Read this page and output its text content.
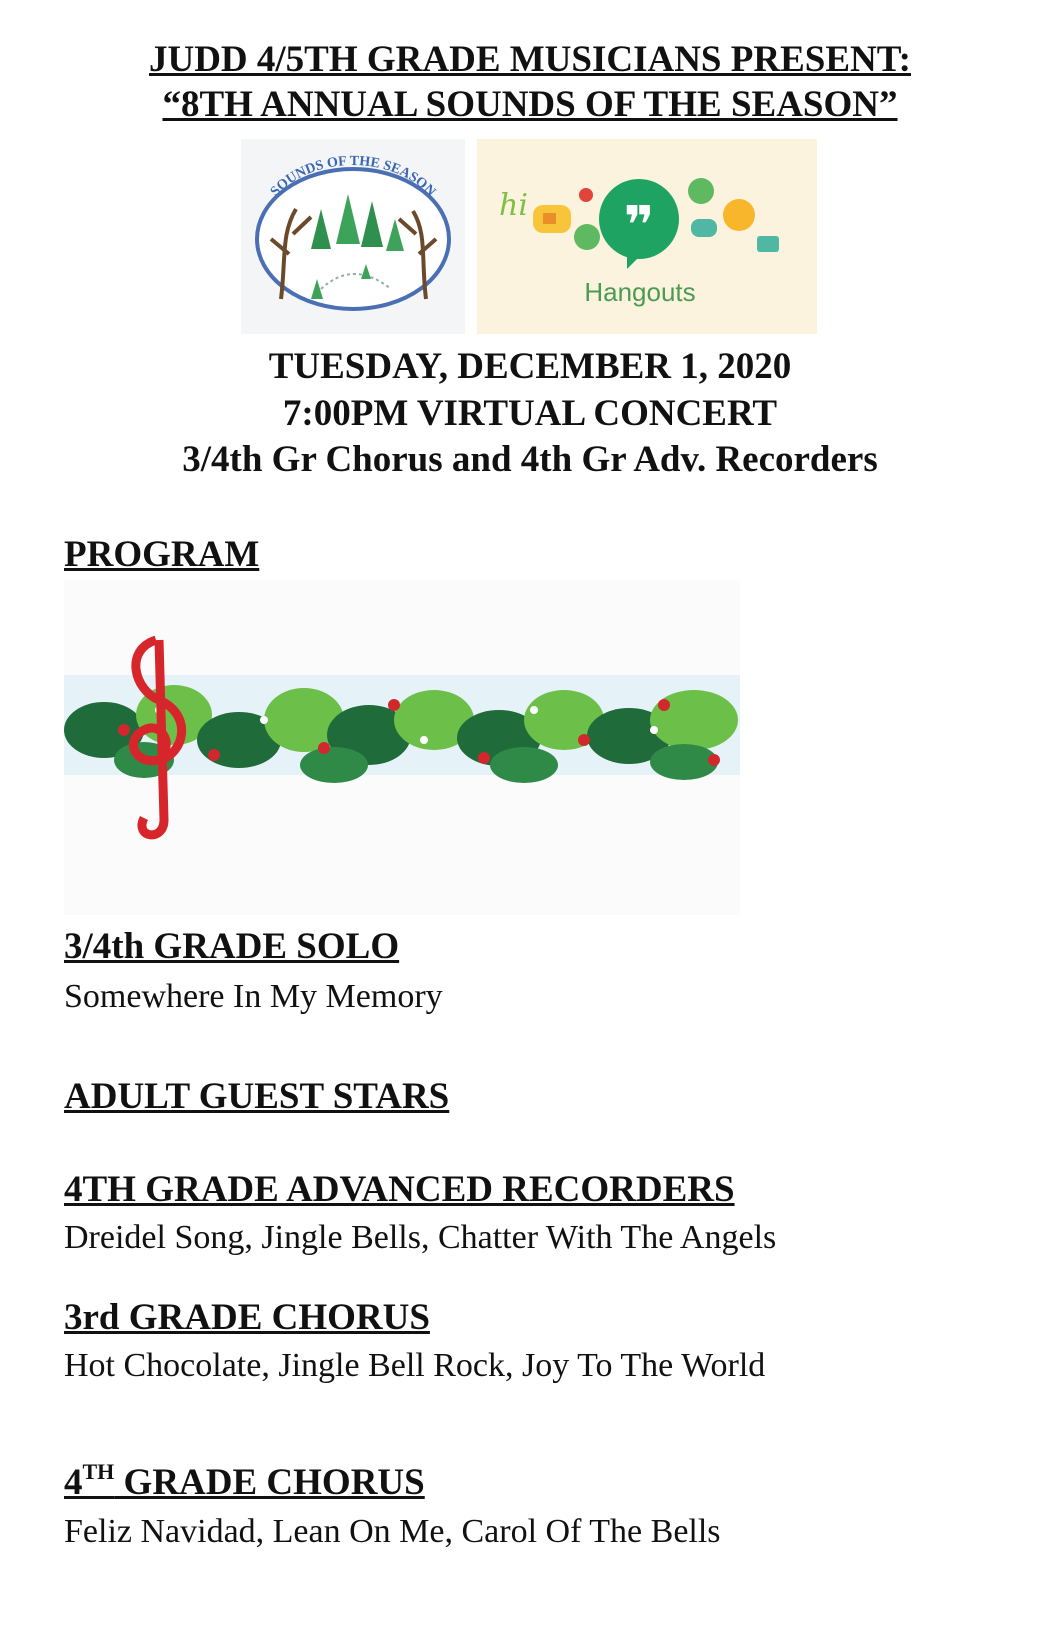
JUDD 4/5TH GRADE MUSICIANS PRESENT:
“8TH ANNUAL SOUNDS OF THE SEASON”
SOUNDS OF THE SEASON hi ❞
Hangouts
TUESDAY, DECEMBER 1, 2020
7:00PM VIRTUAL CONCERT
3/4th Gr Chorus and 4th Gr Adv. Recorders
PROGRAM
3/4th GRADE SOLO
Somewhere In My Memory
ADULT GUEST STARS
4TH GRADE ADVANCED RECORDERS
Dreidel Song, Jingle Bells, Chatter With The Angels
3rd GRADE CHORUS
Hot Chocolate, Jingle Bell Rock, Joy To The World
4TH GRADE CHORUS
Feliz Navidad, Lean On Me, Carol Of The Bells
